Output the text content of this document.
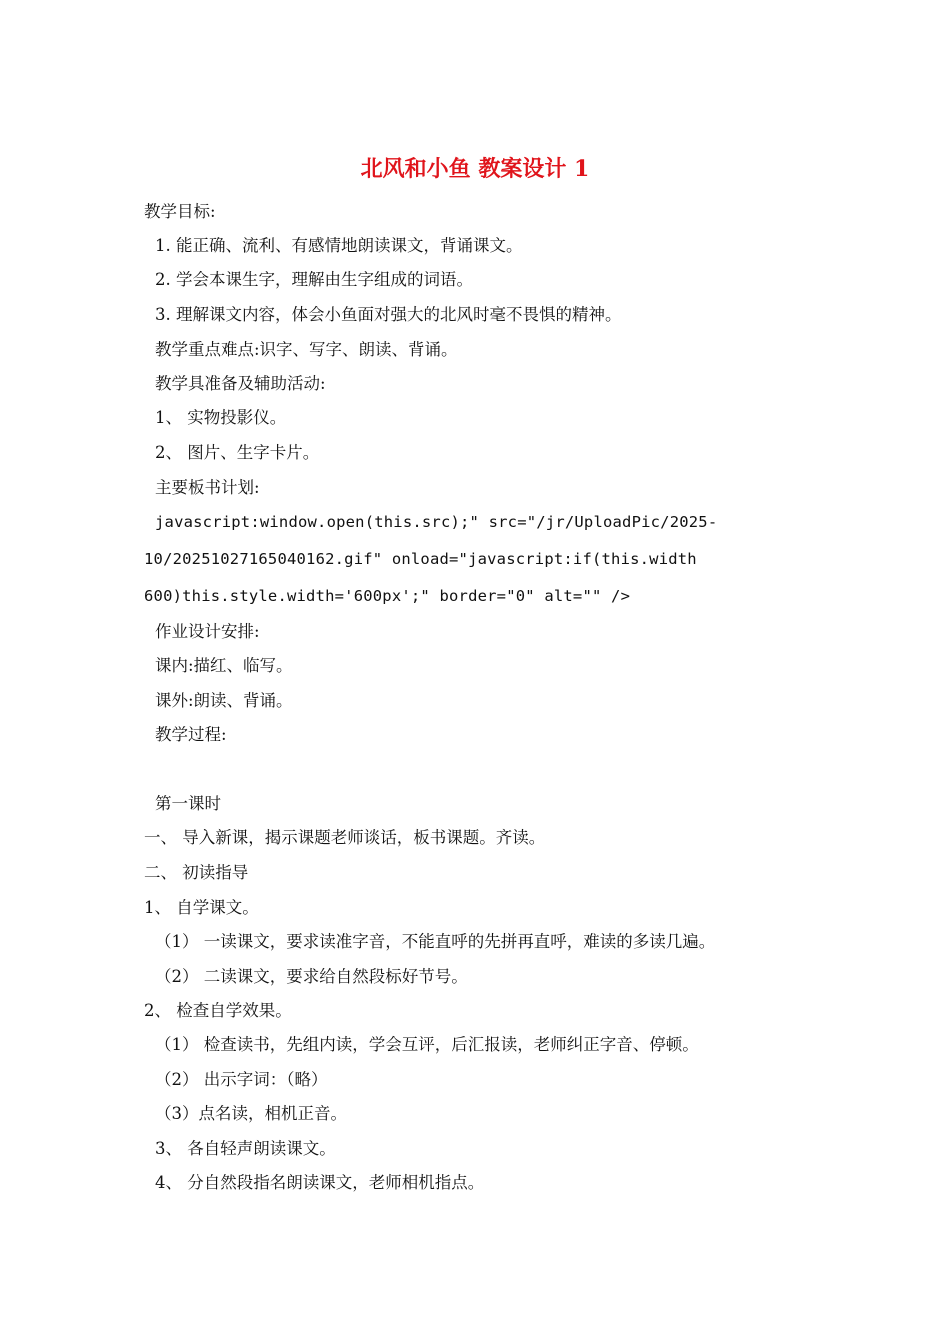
北风和小鱼 教案设计 1

教学目标:

1. 能正确、流利、有感情地朗读课文，背诵课文。

2. 学会本课生字，理解由生字组成的词语。

3. 理解课文内容，体会小鱼面对强大的北风时毫不畏惧的精神。

教学重点难点:识字、写字、朗读、背诵。

教学具准备及辅助活动:

1、 实物投影仪。

2、 图片、生字卡片。

主要板书计划:

javascript:window.open(this.src);" src="/jr/UploadPic/2025-

10/20251027165040162.gif" onload="javascript:if(this.width

600)this.style.width='600px';" border="0" alt="" />

作业设计安排:

课内:描红、临写。

课外:朗读、背诵。

教学过程:

第一课时

一、 导入新课，揭示课题老师谈话，板书课题。齐读。

二、 初读指导

1、 自学课文。

（1） 一读课文，要求读准字音，不能直呼的先拼再直呼，难读的多读几遍。

（2） 二读课文，要求给自然段标好节号。

2、 检查自学效果。

（1） 检查读书，先组内读，学会互评，后汇报读，老师纠正字音、停顿。

（2） 出示字词：（略）

（3）点名读，相机正音。

3、 各自轻声朗读课文。

4、 分自然段指名朗读课文，老师相机指点。
